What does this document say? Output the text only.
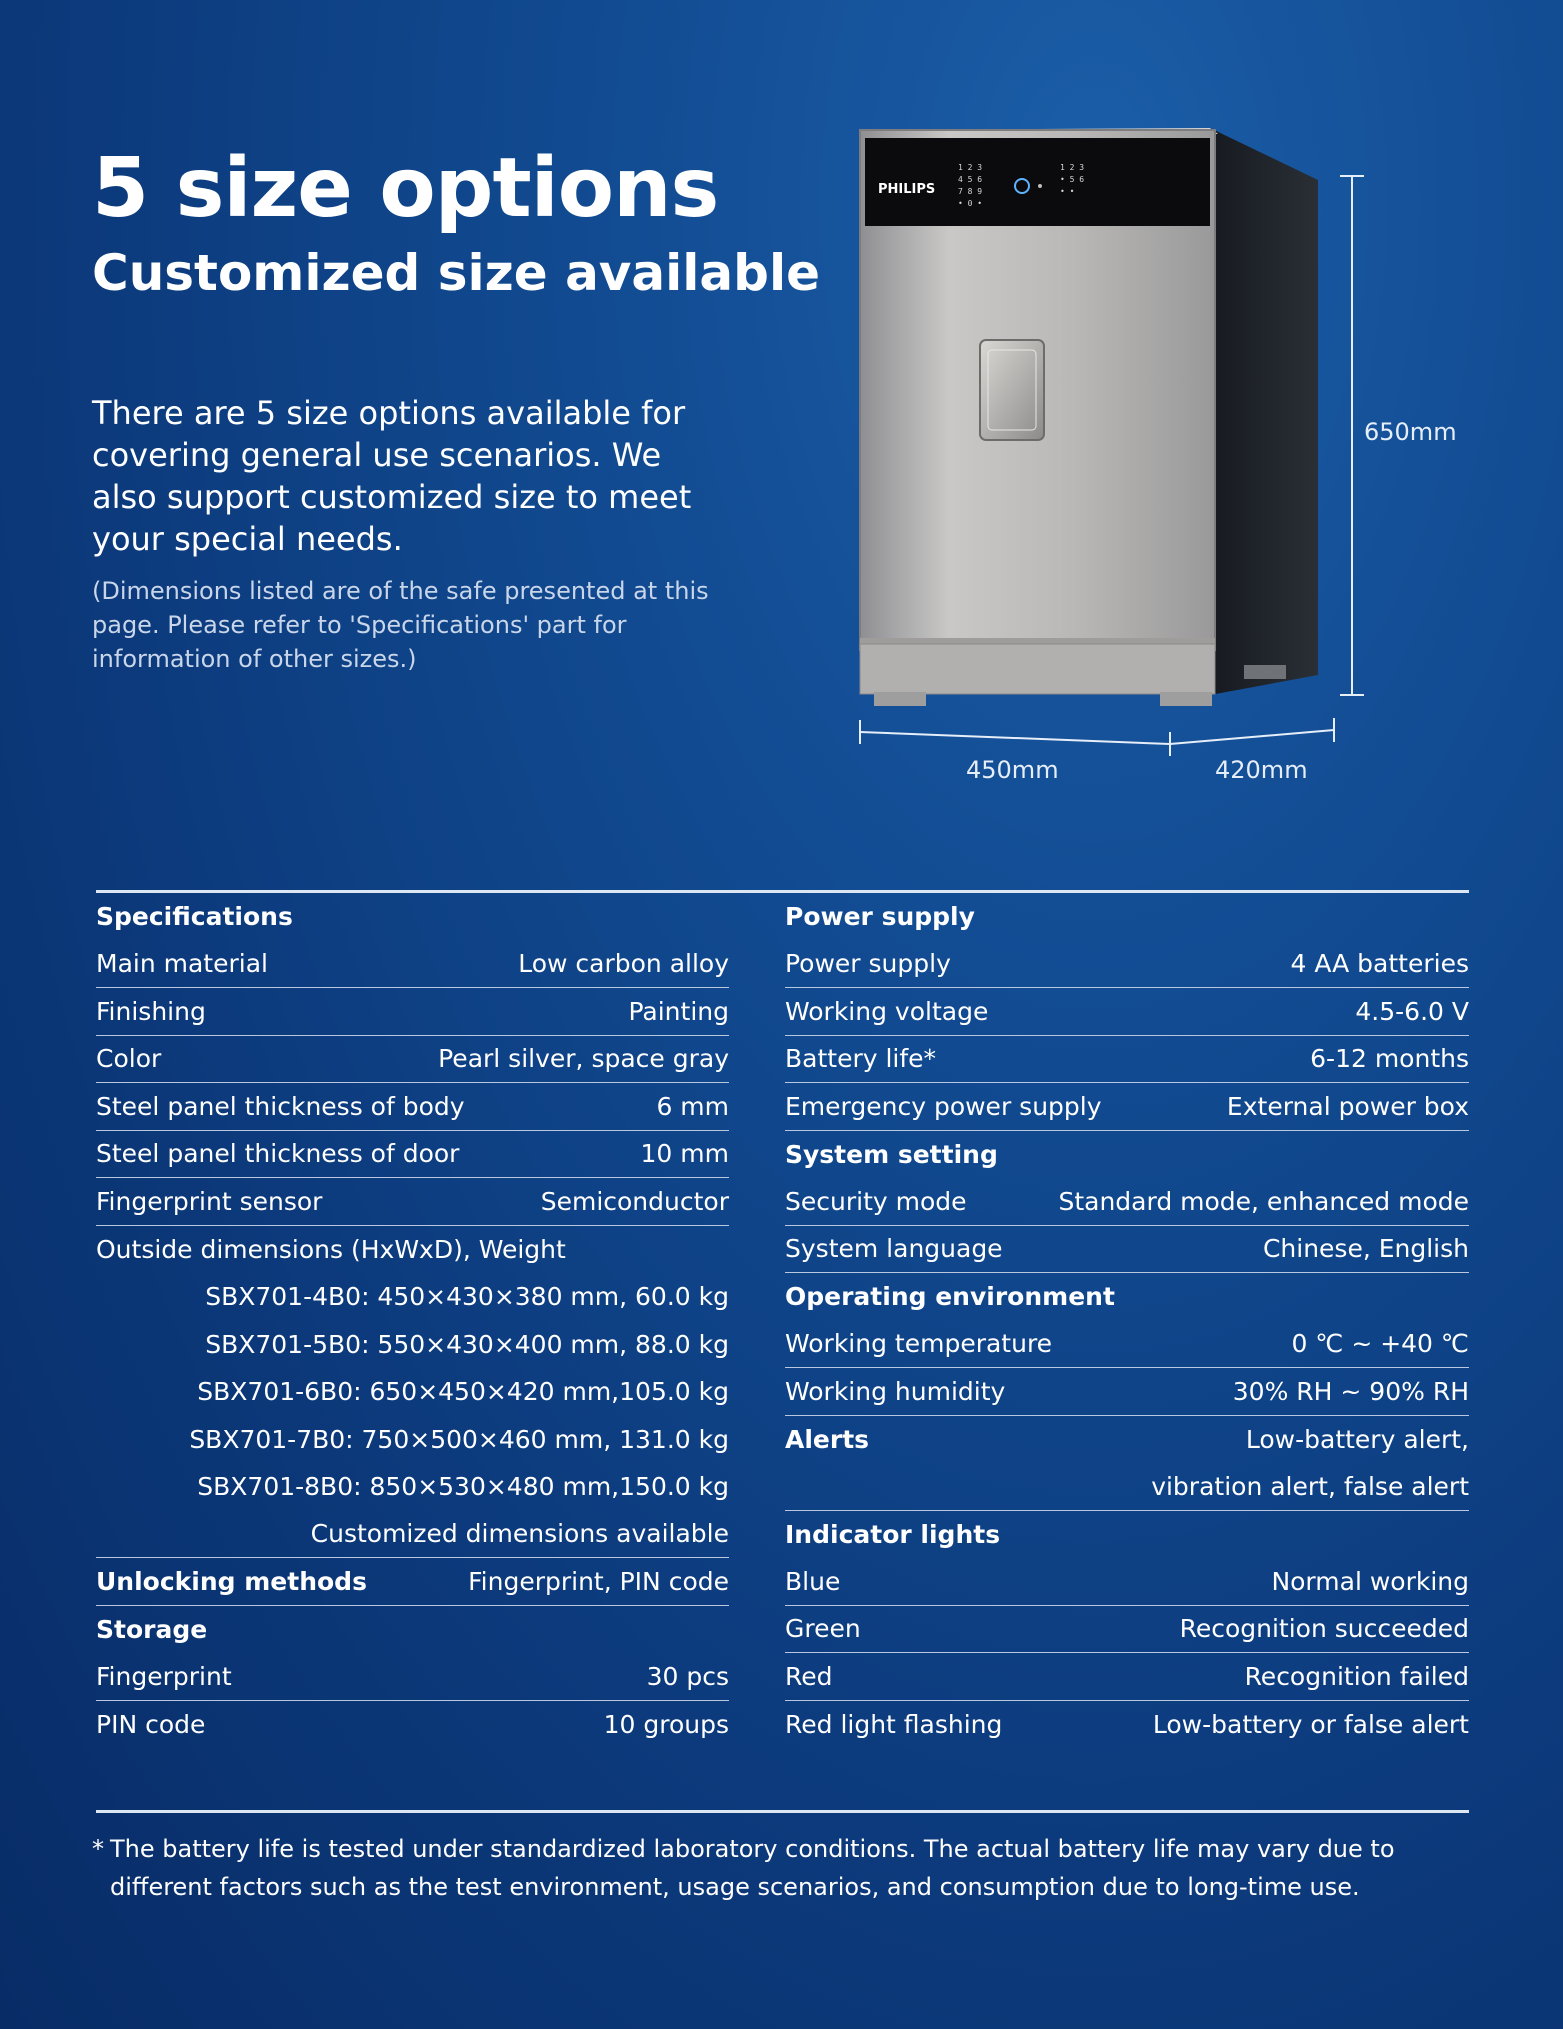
5 size options
Customized size available

There are 5 size options available for covering general use scenarios. We also support customized size to meet your special needs.

(Dimensions listed are of the safe presented at this page. Please refer to 'Specifications' part for information of other sizes.)

PHILIPS
1 2 3
4 5 6
7 8 9
• 0 •
1 2 3
• 5 6
• •
650mm
450mm	420mm
Specifications
Main material	Low carbon alloy
Finishing	Painting
Color	Pearl silver, space gray
Steel panel thickness of body	6 mm
Steel panel thickness of door	10 mm
Fingerprint sensor	Semiconductor
Outside dimensions (HxWxD), Weight
SBX701-4B0: 450×430×380 mm, 60.0 kg
SBX701-5B0: 550×430×400 mm, 88.0 kg
SBX701-6B0: 650×450×420 mm,105.0 kg
SBX701-7B0: 750×500×460 mm, 131.0 kg
SBX701-8B0: 850×530×480 mm,150.0 kg
Customized dimensions available
Unlocking methods	Fingerprint, PIN code
Storage
Fingerprint	30 pcs
PIN code	10 groups
Power supply
Power supply	4 AA batteries
Working voltage	4.5-6.0 V
Battery life*	6-12 months
Emergency power supply	External power box
System setting
Security mode	Standard mode, enhanced mode
System language	Chinese, English
Operating environment
Working temperature	0 ℃ ~ +40 ℃
Working humidity	30% RH ~ 90% RH
Alerts	Low-battery alert,
vibration alert, false alert
Indicator lights
Blue	Normal working
Green	Recognition succeeded
Red	Recognition failed
Red light flashing	Low-battery or false alert

* The battery life is tested under standardized laboratory conditions. The actual battery life may vary due to different factors such as the test environment, usage scenarios, and consumption due to long-time use.
